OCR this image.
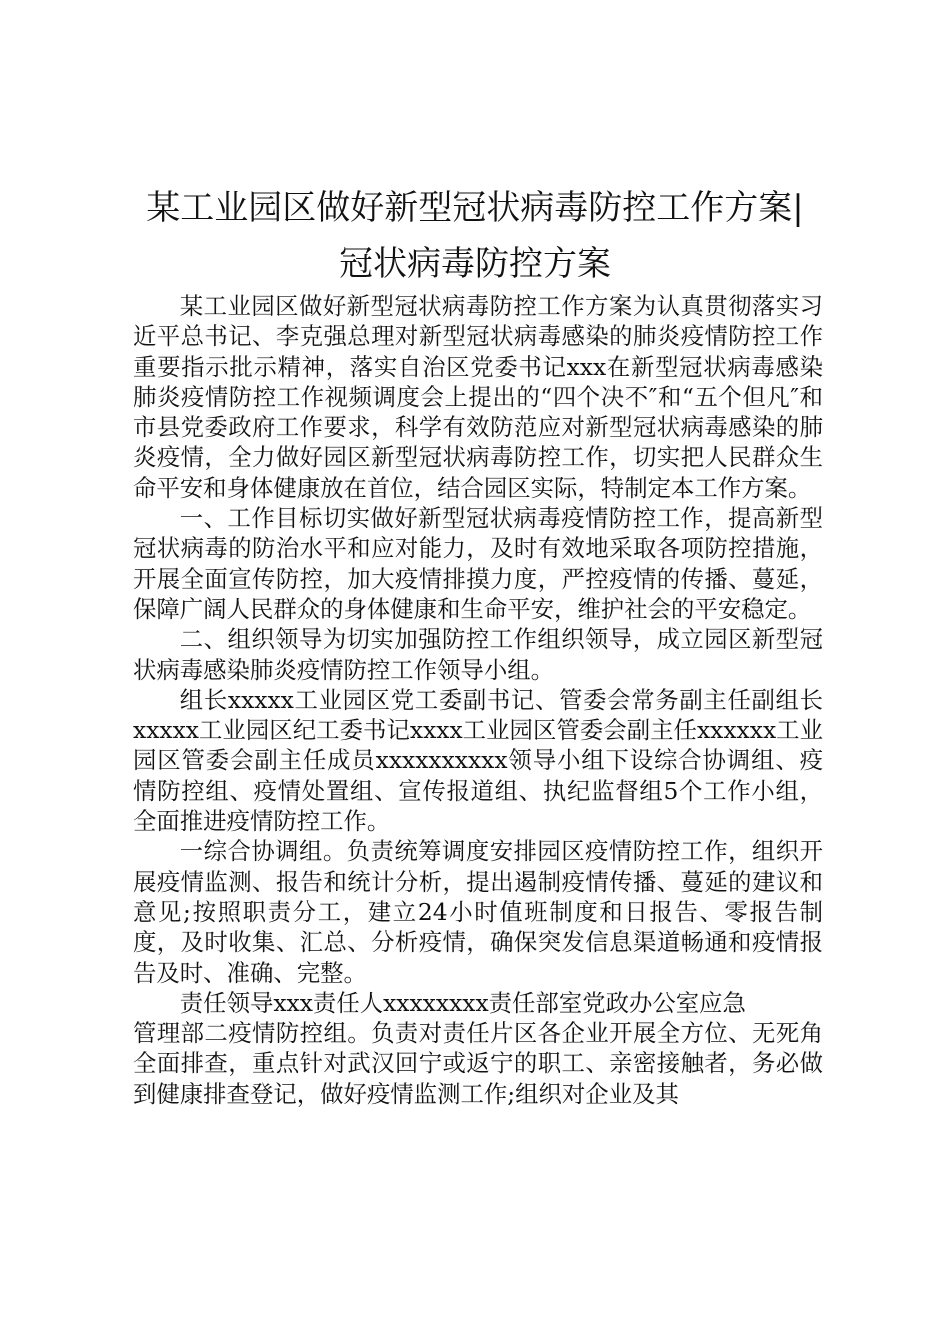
某工业园区做好新型冠状病毒防控工作方案|
冠状病毒防控方案

某工业园区做好新型冠状病毒防控工作方案为认真贯彻落实习近平总书记、李克强总理对新型冠状病毒感染的肺炎疫情防控工作重要指示批示精神，落实自治区党委书记xxx在新型冠状病毒感染肺炎疫情防控工作视频调度会上提出的“四个决不″和“五个但凡″和市县党委政府工作要求，科学有效防范应对新型冠状病毒感染的肺炎疫情，全力做好园区新型冠状病毒防控工作，切实把人民群众生命平安和身体健康放在首位，结合园区实际，特制定本工作方案。

一、工作目标切实做好新型冠状病毒疫情防控工作，提高新型冠状病毒的防治水平和应对能力，及时有效地采取各项防控措施，开展全面宣传防控，加大疫情排摸力度，严控疫情的传播、蔓延，保障广阔人民群众的身体健康和生命平安，维护社会的平安稳定。

二、组织领导为切实加强防控工作组织领导，成立园区新型冠状病毒感染肺炎疫情防控工作领导小组。

组长xxxxx工业园区党工委副书记、管委会常务副主任副组长xxxxx工业园区纪工委书记xxxx工业园区管委会副主任xxxxxx工业园区管委会副主任成员xxxxxxxxxx领导小组下设综合协调组、疫情防控组、疫情处置组、宣传报道组、执纪监督组5个工作小组，全面推进疫情防控工作。

一综合协调组。负责统筹调度安排园区疫情防控工作，组织开展疫情监测、报告和统计分析，提出遏制疫情传播、蔓延的建议和意见;按照职责分工，建立24小时值班制度和日报告、零报告制度，及时收集、汇总、分析疫情，确保突发信息渠道畅通和疫情报告及时、准确、完整。

责任领导xxx责任人xxxxxxxx责任部室党政办公室应急

管理部二疫情防控组。负责对责任片区各企业开展全方位、无死角全面排查，重点针对武汉回宁或返宁的职工、亲密接触者，务必做到健康排查登记，做好疫情监测工作;组织对企业及其
